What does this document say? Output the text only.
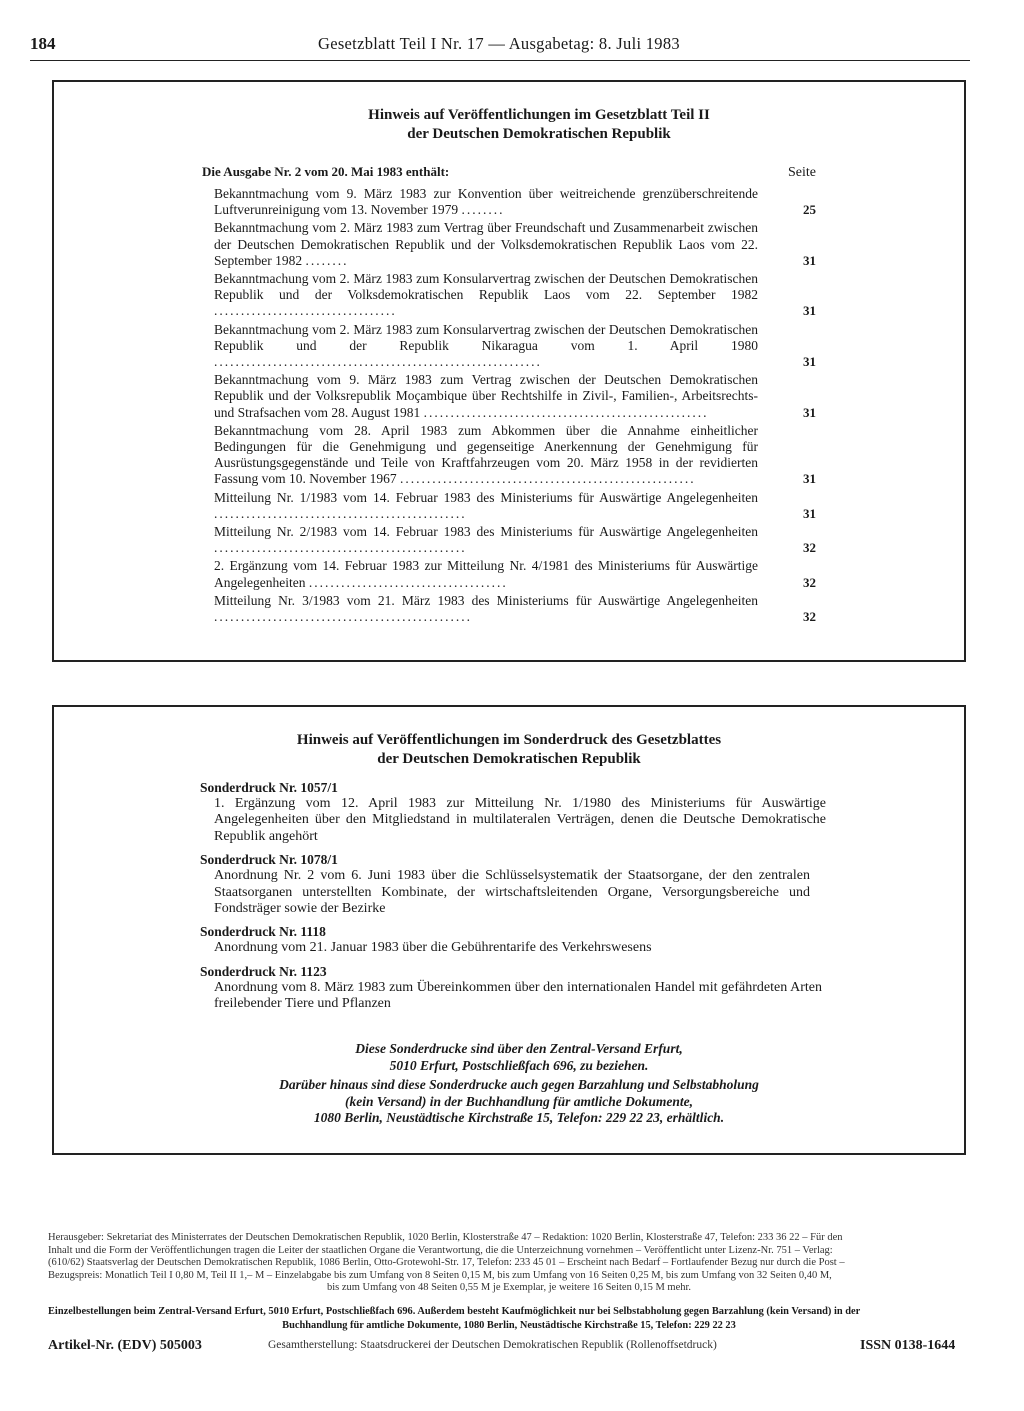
184	Gesetzblatt Teil I Nr. 17 — Ausgabetag: 8. Juli 1983
Hinweis auf Veröffentlichungen im Gesetzblatt Teil II
der Deutschen Demokratischen Republik
Die Ausgabe Nr. 2 vom 20. Mai 1983 enthält:	Seite
Bekanntmachung vom 9. März 1983 zur Konvention über weitreichende grenzüberschreitende Luftverunreinigung vom 13. November 1979 ........	25
Bekanntmachung vom 2. März 1983 zum Vertrag über Freundschaft und Zusammenarbeit zwischen der Deutschen Demokratischen Republik und der Volksdemokratischen Republik Laos vom 22. September 1982 ........	31
Bekanntmachung vom 2. März 1983 zum Konsularvertrag zwischen der Deutschen Demokratischen Republik und der Volksdemokratischen Republik Laos vom 22. September 1982 ..................................	31
Bekanntmachung vom 2. März 1983 zum Konsularvertrag zwischen der Deutschen Demokratischen Republik und der Republik Nikaragua vom 1. April 1980 .............................................................	31
Bekanntmachung vom 9. März 1983 zum Vertrag zwischen der Deutschen Demokratischen Republik und der Volksrepublik Moçambique über Rechtshilfe in Zivil-, Familien-, Arbeitsrechts- und Strafsachen vom 28. August 1981 .....................................................	31
Bekanntmachung vom 28. April 1983 zum Abkommen über die Annahme einheitlicher Bedingungen für die Genehmigung und gegenseitige Anerkennung der Genehmigung für Ausrüstungsgegenstände und Teile von Kraftfahrzeugen vom 20. März 1958 in der revidierten Fassung vom 10. November 1967 .......................................................	31
Mitteilung Nr. 1/1983 vom 14. Februar 1983 des Ministeriums für Auswärtige Angelegenheiten ...............................................	31
Mitteilung Nr. 2/1983 vom 14. Februar 1983 des Ministeriums für Auswärtige Angelegenheiten ...............................................	32
2. Ergänzung vom 14. Februar 1983 zur Mitteilung Nr. 4/1981 des Ministeriums für Auswärtige Angelegenheiten .....................................	32
Mitteilung Nr. 3/1983 vom 21. März 1983 des Ministeriums für Auswärtige Angelegenheiten ................................................	32
Hinweis auf Veröffentlichungen im Sonderdruck des Gesetzblattes
der Deutschen Demokratischen Republik
Sonderdruck Nr. 1057/1
1. Ergänzung vom 12. April 1983 zur Mitteilung Nr. 1/1980 des Ministeriums für Auswärtige Angelegenheiten über den Mitgliedstand in multilateralen Verträgen, denen die Deutsche Demokratische Republik angehört
Sonderdruck Nr. 1078/1
Anordnung Nr. 2 vom 6. Juni 1983 über die Schlüsselsystematik der Staatsorgane, der den zentralen Staatsorganen unterstellten Kombinate, der wirtschaftsleitenden Organe, Versorgungsbereiche und Fondsträger sowie der Bezirke
Sonderdruck Nr. 1118
Anordnung vom 21. Januar 1983 über die Gebührentarife des Verkehrswesens
Sonderdruck Nr. 1123
Anordnung vom 8. März 1983 zum Übereinkommen über den internationalen Handel mit gefährdeten Arten freilebender Tiere und Pflanzen
Diese Sonderdrucke sind über den Zentral-Versand Erfurt,
5010 Erfurt, Postschließfach 696, zu beziehen.
Darüber hinaus sind diese Sonderdrucke auch gegen Barzahlung und Selbstabholung
(kein Versand) in der Buchhandlung für amtliche Dokumente,
1080 Berlin, Neustädtische Kirchstraße 15, Telefon: 229 22 23, erhältlich.
Herausgeber: Sekretariat des Ministerrates der Deutschen Demokratischen Republik, 1020 Berlin, Klosterstraße 47 – Redaktion: 1020 Berlin, Klosterstraße 47, Telefon: 233 36 22 – Für den
Inhalt und die Form der Veröffentlichungen tragen die Leiter der staatlichen Organe die Verantwortung, die die Unterzeichnung vornehmen – Veröffentlicht unter Lizenz-Nr. 751 – Verlag:
(610/62) Staatsverlag der Deutschen Demokratischen Republik, 1086 Berlin, Otto-Grotewohl-Str. 17, Telefon: 233 45 01 – Erscheint nach Bedarf – Fortlaufender Bezug nur durch die Post –
Bezugspreis: Monatlich Teil I 0,80 M, Teil II 1,– M – Einzelabgabe bis zum Umfang von 8 Seiten 0,15 M, bis zum Umfang von 16 Seiten 0,25 M, bis zum Umfang von 32 Seiten 0,40 M,
bis zum Umfang von 48 Seiten 0,55 M je Exemplar, je weitere 16 Seiten 0,15 M mehr.
Einzelbestellungen beim Zentral-Versand Erfurt, 5010 Erfurt, Postschließfach 696. Außerdem besteht Kaufmöglichkeit nur bei Selbstabholung gegen Barzahlung (kein Versand) in der
Buchhandlung für amtliche Dokumente, 1080 Berlin, Neustädtische Kirchstraße 15, Telefon: 229 22 23
Artikel-Nr. (EDV) 505003	Gesamtherstellung: Staatsdruckerei der Deutschen Demokratischen Republik (Rollenoffsetdruck)	ISSN 0138-1644
